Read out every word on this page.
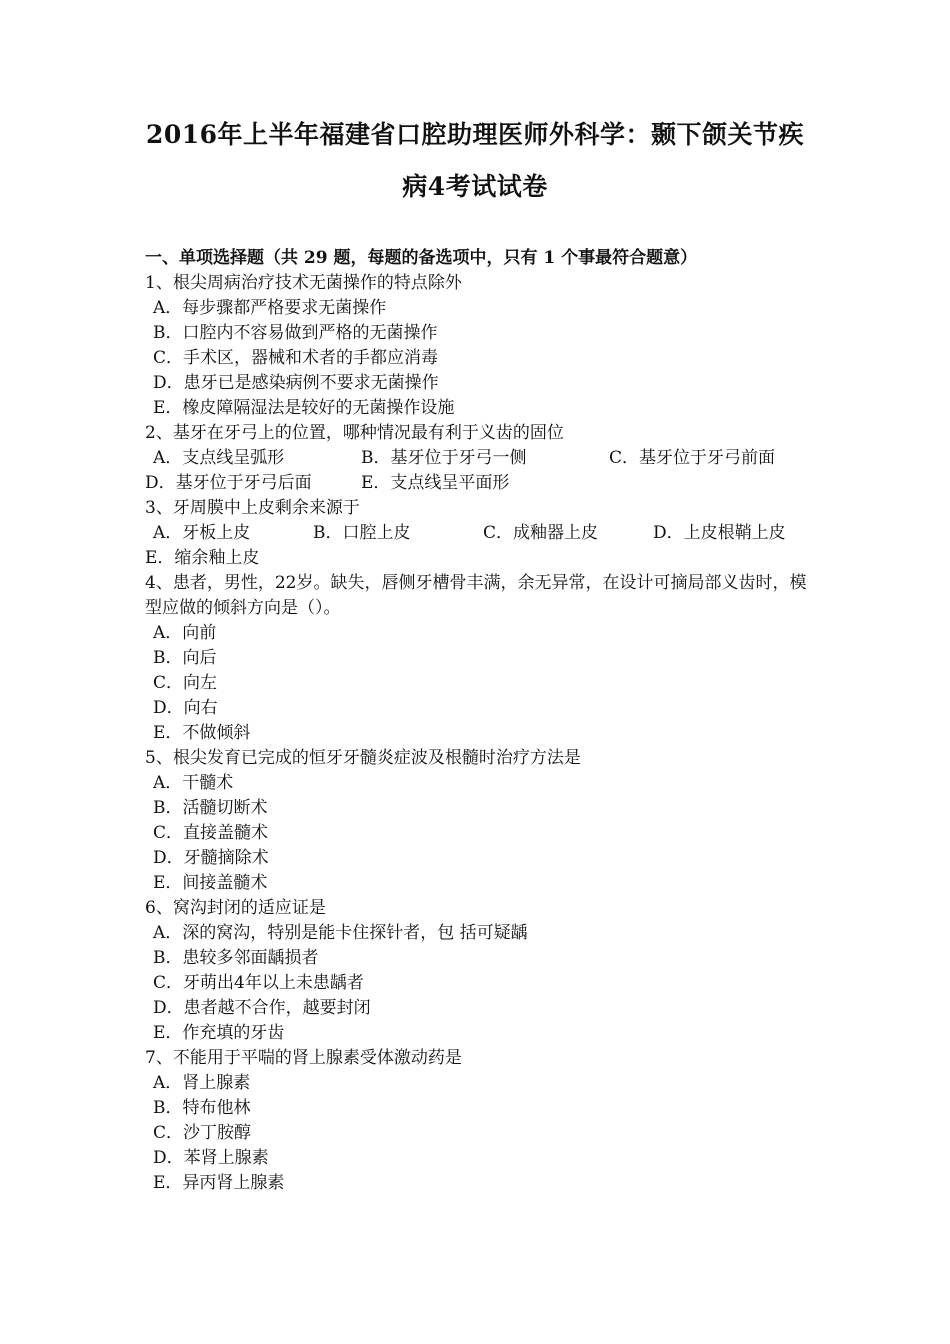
2016年上半年福建省口腔助理医师外科学：颞下颌关节疾
病4考试试卷
一、单项选择题（共 29 题，每题的备选项中，只有 1 个事最符合题意）
1、根尖周病治疗技术无菌操作的特点除外
A．每步骤都严格要求无菌操作
B．口腔内不容易做到严格的无菌操作
C．手术区，器械和术者的手都应消毒
D．患牙已是感染病例不要求无菌操作
E．橡皮障隔湿法是较好的无菌操作设施
2、基牙在牙弓上的位置，哪种情况最有利于义齿的固位
A．支点线呈弧形	B．基牙位于牙弓一侧	C．基牙位于牙弓前面
D．基牙位于牙弓后面	E．支点线呈平面形
3、牙周膜中上皮剩余来源于
A．牙板上皮	B．口腔上皮	C．成釉器上皮	D．上皮根鞘上皮
E．缩余釉上皮
4、患者，男性，22岁。缺失，唇侧牙槽骨丰满，余无异常，在设计可摘局部义齿时，模型应做的倾斜方向是（）。
A．向前
B．向后
C．向左
D．向右
E．不做倾斜
5、根尖发育已完成的恒牙牙髓炎症波及根髓时治疗方法是
A．干髓术
B．活髓切断术
C．直接盖髓术
D．牙髓摘除术
E．间接盖髓术
6、窝沟封闭的适应证是
A．深的窝沟，特别是能卡住探针者，包 括可疑龋
B．患较多邻面龋损者
C．牙萌出4年以上未患龋者
D．患者越不合作，越要封闭
E．作充填的牙齿
7、不能用于平喘的肾上腺素受体激动药是
A．肾上腺素
B．特布他林
C．沙丁胺醇
D．苯肾上腺素
E．异丙肾上腺素
